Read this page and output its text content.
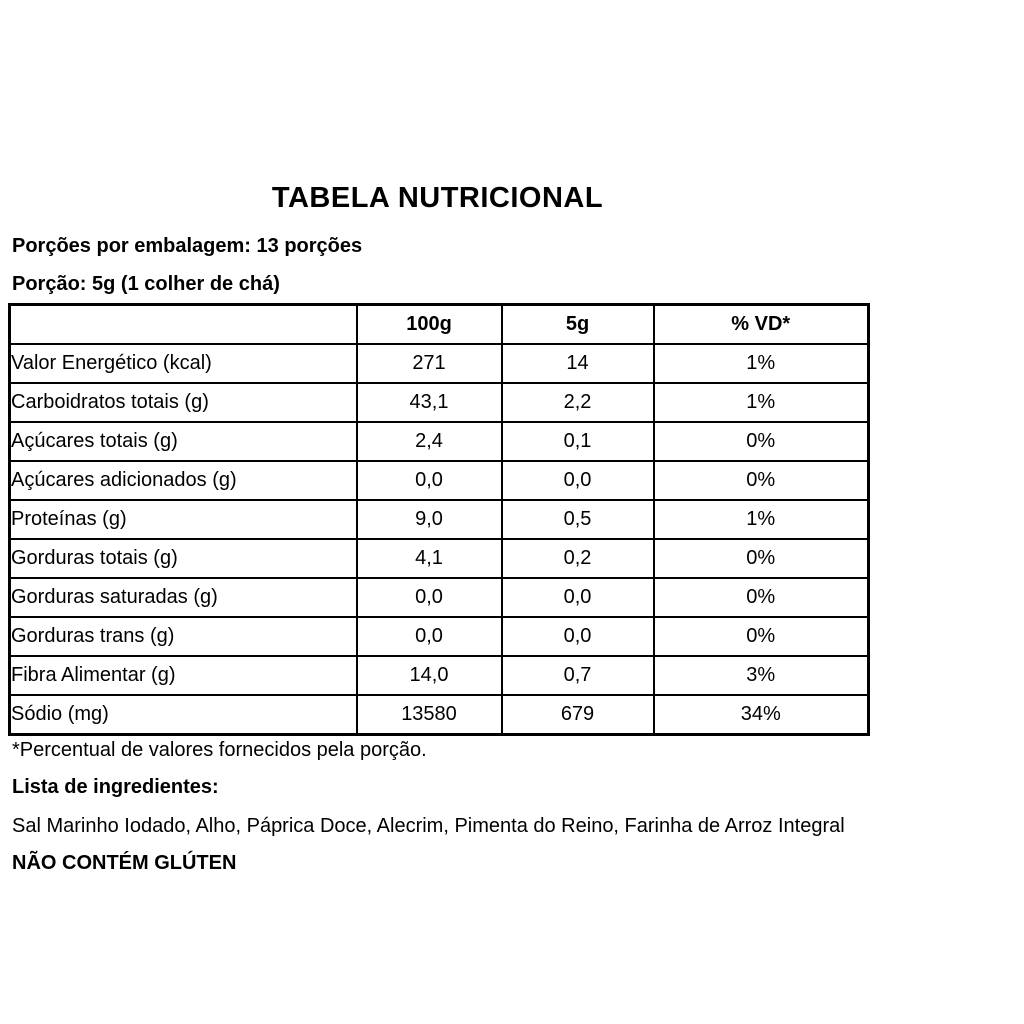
TABELA NUTRICIONAL
Porções por embalagem: 13 porções
Porção: 5g (1 colher de chá)
	100g	5g	% VD*
Valor Energético (kcal)	271	14	1%
Carboidratos totais (g)	43,1	2,2	1%
Açúcares totais (g)	2,4	0,1	0%
Açúcares adicionados (g)	0,0	0,0	0%
Proteínas (g)	9,0	0,5	1%
Gorduras totais (g)	4,1	0,2	0%
Gorduras saturadas (g)	0,0	0,0	0%
Gorduras trans (g)	0,0	0,0	0%
Fibra Alimentar (g)	14,0	0,7	3%
Sódio (mg)	13580	679	34%
*Percentual de valores fornecidos pela porção.
Lista de ingredientes:
Sal Marinho Iodado, Alho, Páprica Doce, Alecrim, Pimenta do Reino, Farinha de Arroz Integral
NÃO CONTÉM GLÚTEN
